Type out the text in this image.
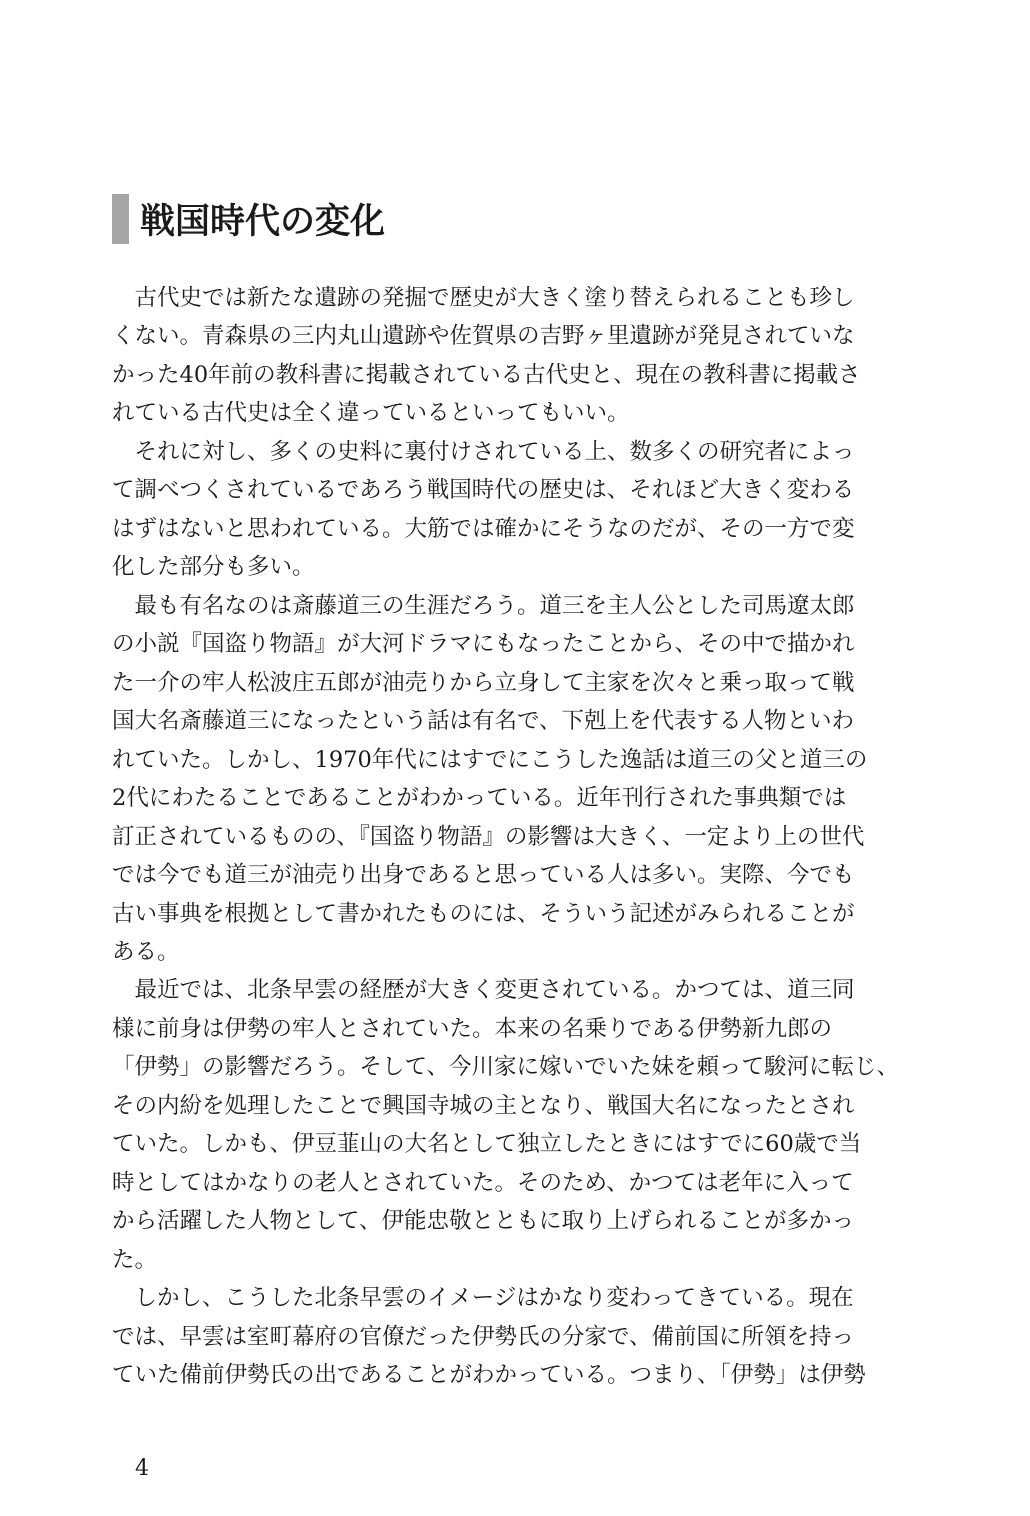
戦国時代の変化
　古代史では新たな遺跡の発掘で歴史が大きく塗り替えられることも珍し
くない。青森県の三内丸山遺跡や佐賀県の吉野ヶ里遺跡が発見されていな
かった40年前の教科書に掲載されている古代史と、現在の教科書に掲載さ
れている古代史は全く違っているといってもいい。
　それに対し、多くの史料に裏付けされている上、数多くの研究者によっ
て調べつくされているであろう戦国時代の歴史は、それほど大きく変わる
はずはないと思われている。大筋では確かにそうなのだが、その一方で変
化した部分も多い。
　最も有名なのは斎藤道三の生涯だろう。道三を主人公とした司馬遼太郎
の小説『国盗り物語』が大河ドラマにもなったことから、その中で描かれ
た一介の牢人松波庄五郎が油売りから立身して主家を次々と乗っ取って戦
国大名斎藤道三になったという話は有名で、下剋上を代表する人物といわ
れていた。しかし、1970年代にはすでにこうした逸話は道三の父と道三の
2代にわたることであることがわかっている。近年刊行された事典類では
訂正されているものの、『国盗り物語』の影響は大きく、一定より上の世代
では今でも道三が油売り出身であると思っている人は多い。実際、今でも
古い事典を根拠として書かれたものには、そういう記述がみられることが
ある。
　最近では、北条早雲の経歴が大きく変更されている。かつては、道三同
様に前身は伊勢の牢人とされていた。本来の名乗りである伊勢新九郎の
「伊勢」の影響だろう。そして、今川家に嫁いでいた妹を頼って駿河に転じ、
その内紛を処理したことで興国寺城の主となり、戦国大名になったとされ
ていた。しかも、伊豆韮山の大名として独立したときにはすでに60歳で当
時としてはかなりの老人とされていた。そのため、かつては老年に入って
から活躍した人物として、伊能忠敬とともに取り上げられることが多かっ
た。
　しかし、こうした北条早雲のイメージはかなり変わってきている。現在
では、早雲は室町幕府の官僚だった伊勢氏の分家で、備前国に所領を持っ
ていた備前伊勢氏の出であることがわかっている。つまり、「伊勢」は伊勢
4
